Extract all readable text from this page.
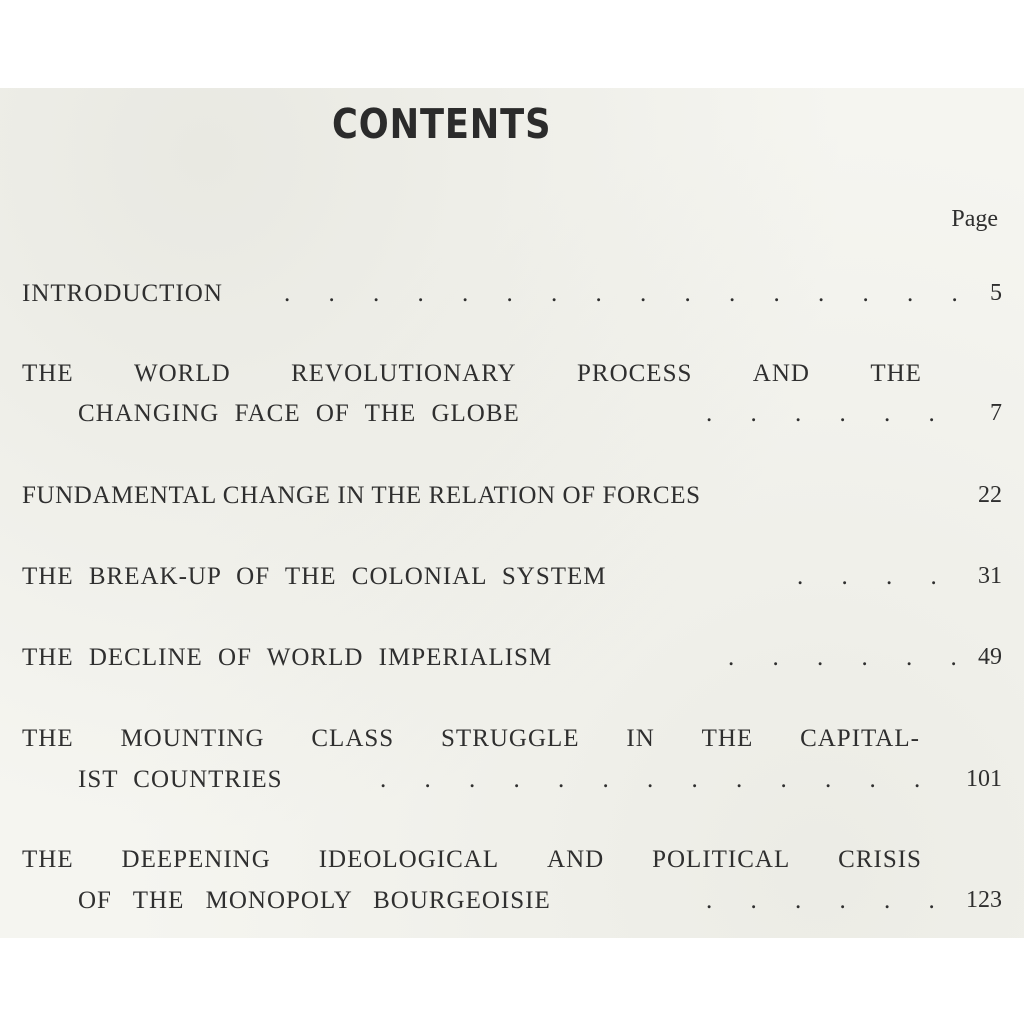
CONTENTS
Page
INTRODUCTION . . . . . . . . . . . . . . . . 5
THE WORLD REVOLUTIONARY PROCESS AND THE
CHANGING FACE OF THE GLOBE	. . . . . . 7
FUNDAMENTAL CHANGE IN THE RELATION OF FORCES	22
THE BREAK-UP OF THE COLONIAL SYSTEM	. . . . 31
THE DECLINE OF WORLD IMPERIALISM	. . . . . . 49
THE MOUNTING CLASS STRUGGLE IN THE CAPITAL-
IST COUNTRIES	. . . . . . . . . . . . . 101
THE DEEPENING IDEOLOGICAL AND POLITICAL CRISIS
OF THE MONOPOLY BOURGEOISIE	. . . . . . 123
